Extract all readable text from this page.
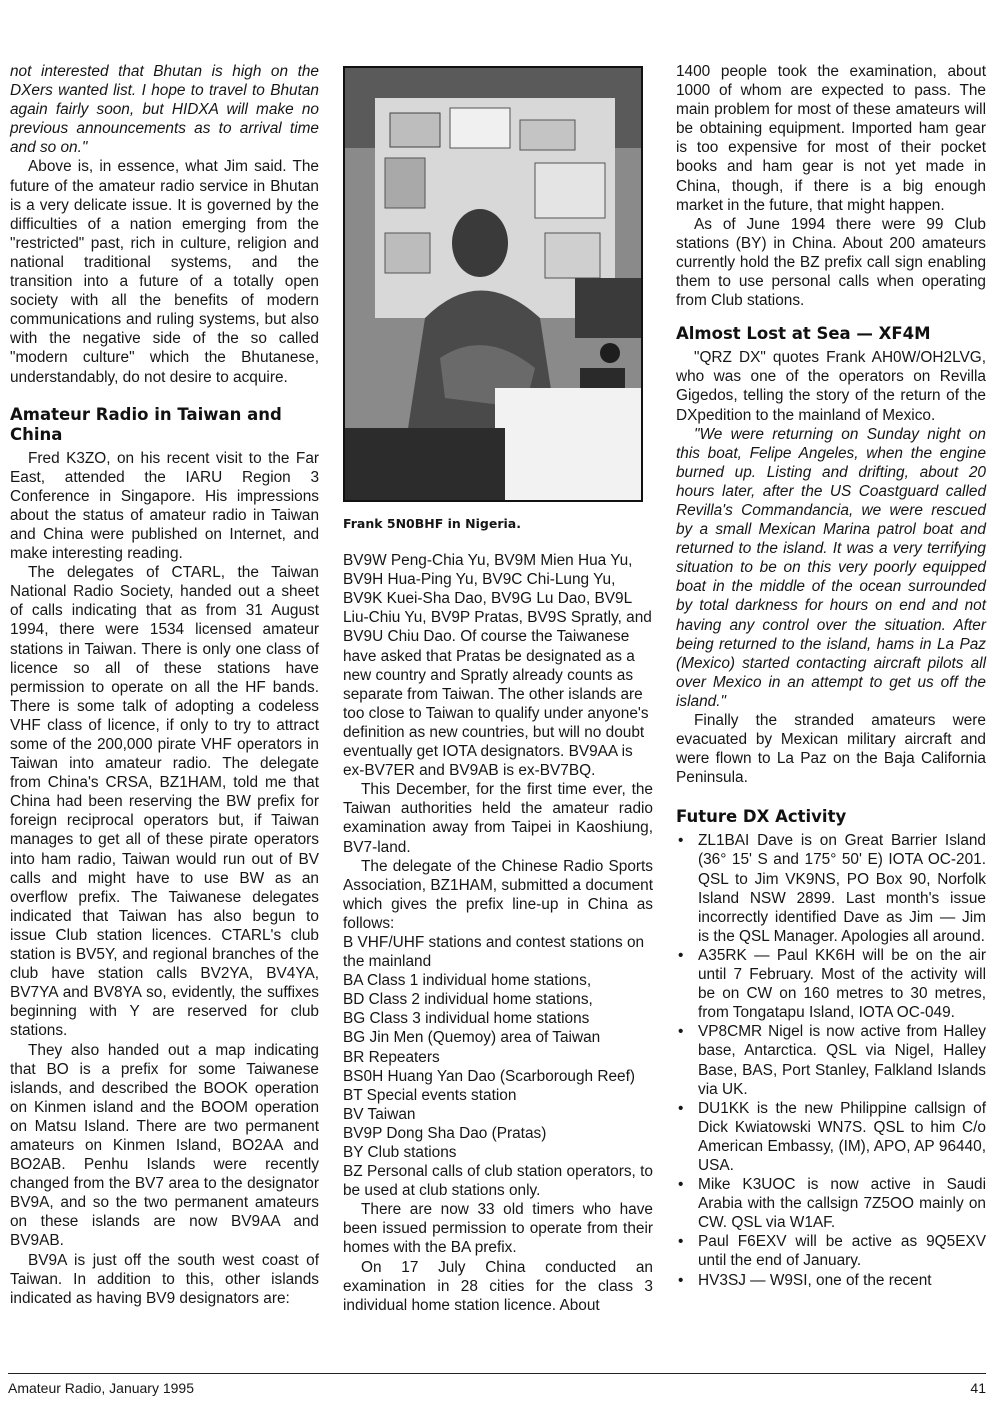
not interested that Bhutan is high on the DXers wanted list. I hope to travel to Bhutan again fairly soon, but HIDXA will make no previous announcements as to arrival time and so on."

Above is, in essence, what Jim said. The future of the amateur radio service in Bhutan is a very delicate issue. It is governed by the difficulties of a nation emerging from the "restricted" past, rich in culture, religion and national traditional systems, and the transition into a future of a totally open society with all the benefits of modern communications and ruling systems, but also with the negative side of the so called "modern culture" which the Bhutanese, understandably, do not desire to acquire.

Amateur Radio in Taiwan and China

Fred K3ZO, on his recent visit to the Far East, attended the IARU Region 3 Conference in Singapore. His impressions about the status of amateur radio in Taiwan and China were published on Internet, and make interesting reading.

The delegates of CTARL, the Taiwan National Radio Society, handed out a sheet of calls indicating that as from 31 August 1994, there were 1534 licensed amateur stations in Taiwan. There is only one class of licence so all of these stations have permission to operate on all the HF bands. There is some talk of adopting a codeless VHF class of licence, if only to try to attract some of the 200,000 pirate VHF operators in Taiwan into amateur radio. The delegate from China's CRSA, BZ1HAM, told me that China had been reserving the BW prefix for foreign reciprocal operators but, if Taiwan manages to get all of these pirate operators into ham radio, Taiwan would run out of BV calls and might have to use BW as an overflow prefix. The Taiwanese delegates indicated that Taiwan has also begun to issue Club station licences. CTARL's club station is BV5Y, and regional branches of the club have station calls BV2YA, BV4YA, BV7YA and BV8YA so, evidently, the suffixes beginning with Y are reserved for club stations.

They also handed out a map indicating that BO is a prefix for some Taiwanese islands, and described the BOOK operation on Kinmen island and the BOOM operation on Matsu Island. There are two permanent amateurs on Kinmen Island, BO2AA and BO2AB. Penhu Islands were recently changed from the BV7 area to the designator BV9A, and so the two permanent amateurs on these islands are now BV9AA and BV9AB.

BV9A is just off the south west coast of Taiwan. In addition to this, other islands indicated as having BV9 designators are:

Frank 5N0BHF in Nigeria.

BV9W Peng-Chia Yu, BV9M Mien Hua Yu, BV9H Hua-Ping Yu, BV9C Chi-Lung Yu, BV9K Kuei-Sha Dao, BV9G Lu Dao, BV9L Liu-Chiu Yu, BV9P Pratas, BV9S Spratly, and BV9U Chiu Dao. Of course the Taiwanese have asked that Pratas be designated as a new country and Spratly already counts as separate from Taiwan. The other islands are too close to Taiwan to qualify under anyone's definition as new countries, but will no doubt eventually get IOTA designators. BV9AA is ex-BV7ER and BV9AB is ex-BV7BQ.

This December, for the first time ever, the Taiwan authorities held the amateur radio examination away from Taipei in Kaoshiung, BV7-land.

The delegate of the Chinese Radio Sports Association, BZ1HAM, submitted a document which gives the prefix line-up in China as follows:

B VHF/UHF stations and contest stations on the mainland

BA Class 1 individual home stations,

BD Class 2 individual home stations,

BG Class 3 individual home stations

BG Jin Men (Quemoy) area of Taiwan

BR Repeaters

BS0H Huang Yan Dao (Scarborough Reef)

BT Special events station

BV Taiwan

BV9P Dong Sha Dao (Pratas)

BY Club stations

BZ Personal calls of club station operators, to be used at club stations only.

There are now 33 old timers who have been issued permission to operate from their homes with the BA prefix.

On 17 July China conducted an examination in 28 cities for the class 3 individual home station licence. About

1400 people took the examination, about 1000 of whom are expected to pass. The main problem for most of these amateurs will be obtaining equipment. Imported ham gear is too expensive for most of their pocket books and ham gear is not yet made in China, though, if there is a big enough market in the future, that might happen.

As of June 1994 there were 99 Club stations (BY) in China. About 200 amateurs currently hold the BZ prefix call sign enabling them to use personal calls when operating from Club stations.

Almost Lost at Sea — XF4M

"QRZ DX" quotes Frank AH0W/OH2LVG, who was one of the operators on Revilla Gigedos, telling the story of the return of the DXpedition to the mainland of Mexico.

"We were returning on Sunday night on this boat, Felipe Angeles, when the engine burned up. Listing and drifting, about 20 hours later, after the US Coastguard called Revilla's Commandancia, we were rescued by a small Mexican Marina patrol boat and returned to the island. It was a very terrifying situation to be on this very poorly equipped boat in the middle of the ocean surrounded by total darkness for hours on end and not having any control over the situation. After being returned to the island, hams in La Paz (Mexico) started contacting aircraft pilots all over Mexico in an attempt to get us off the island."

Finally the stranded amateurs were evacuated by Mexican military aircraft and were flown to La Paz on the Baja California Peninsula.

Future DX Activity
• ZL1BAI Dave is on Great Barrier Island (36° 15' S and 175° 50' E) IOTA OC-201. QSL to Jim VK9NS, PO Box 90, Norfolk Island NSW 2899. Last month's issue incorrectly identified Dave as Jim — Jim is the QSL Manager. Apologies all around.
• A35RK — Paul KK6H will be on the air until 7 February. Most of the activity will be on CW on 160 metres to 30 metres, from Tongatapu Island, IOTA OC-049.
• VP8CMR Nigel is now active from Halley base, Antarctica. QSL via Nigel, Halley Base, BAS, Port Stanley, Falkland Islands via UK.
• DU1KK is the new Philippine callsign of Dick Kwiatowski WN7S. QSL to him C/o American Embassy, (IM), APO, AP 96440, USA.
• Mike K3UOC is now active in Saudi Arabia with the callsign 7Z5OO mainly on CW. QSL via W1AF.
• Paul F6EXV will be active as 9Q5EXV until the end of January.
• HV3SJ — W9SI, one of the recent
Amateur Radio, January 1995	41
